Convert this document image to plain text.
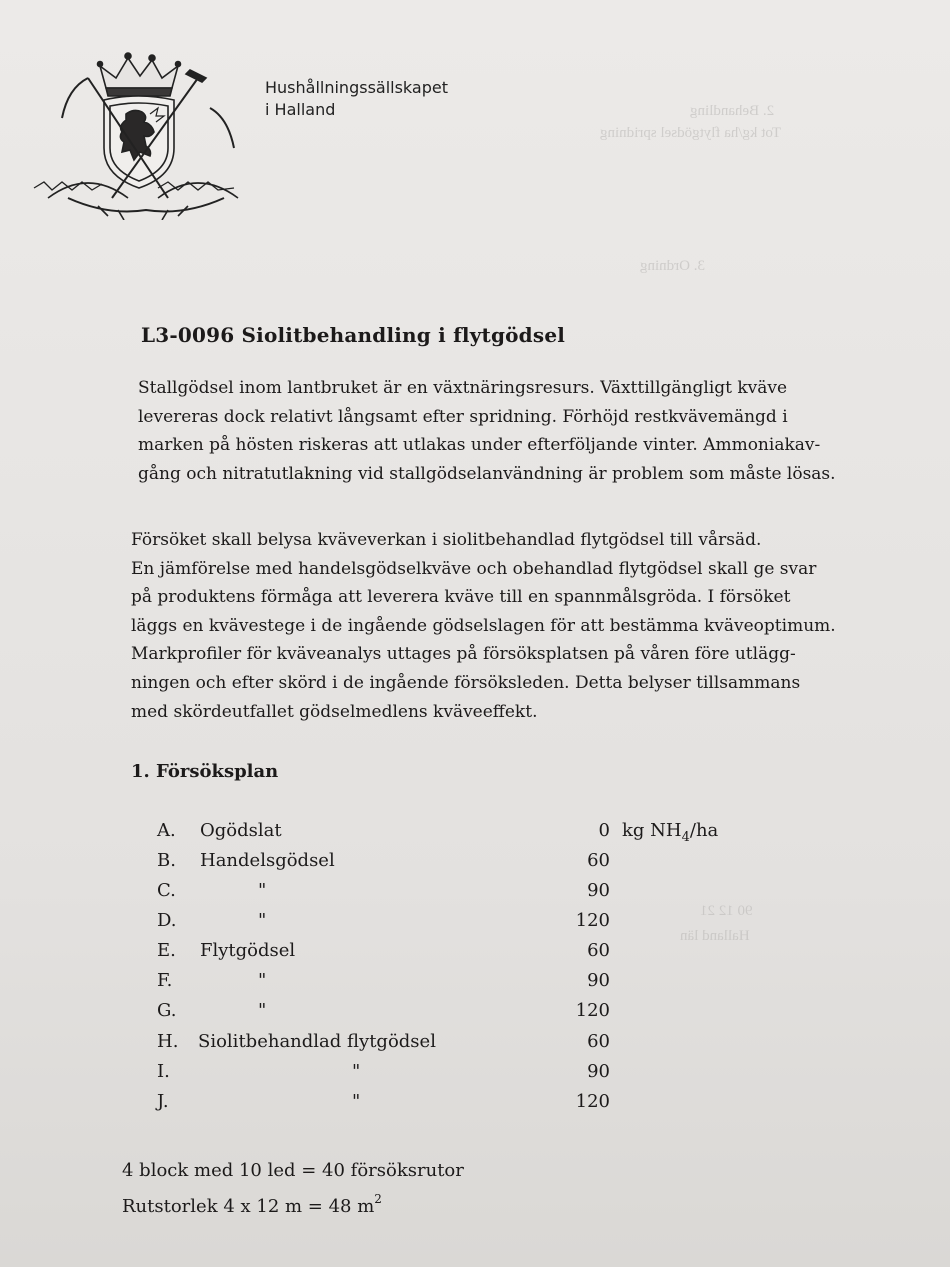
2. Behandling
Tot kg/ha flytgödsel spridning
3. Ordning
90 12 21
Halland län
Hushållningssällskapet
i Halland
L3-0096 Siolitbehandling i flytgödsel
Stallgödsel inom lantbruket är en växtnäringsresurs. Växttillgängligt kväve
levereras dock relativt långsamt efter spridning. Förhöjd restkvävemängd i
marken på hösten riskeras att utlakas under efterföljande vinter. Ammoniakav-
gång och nitratutlakning vid stallgödselanvändning är problem som måste lösas.
Försöket skall belysa kväveverkan i siolitbehandlad flytgödsel till vårsäd.
En jämförelse med handelsgödselkväve och obehandlad flytgödsel skall ge svar
på produktens förmåga att leverera kväve till en spannmålsgröda. I försöket
läggs en kvävestege i de ingående gödselslagen för att bestämma kväveoptimum.
Markprofiler för kväveanalys uttages på försöksplatsen på våren före utlägg-
ningen och efter skörd i de ingående försöksleden. Detta belyser tillsammans
med skördeutfallet gödselmedlens kväveeffekt.
1. Försöksplan
A. Ogödslat	0 kg $NH_4/ha$
B. Handelsgödsel	60
C.	"	90
D.	"	120
E. Flytgödsel	60
F.	"	90
G.	"	120
H. Siolitbehandlad flytgödsel	60
I.	"	90
J.	"	120
4 block med 10 led = 40 försöksrutor
Rutstorlek 4 x 12 m = 48 $m^2$
